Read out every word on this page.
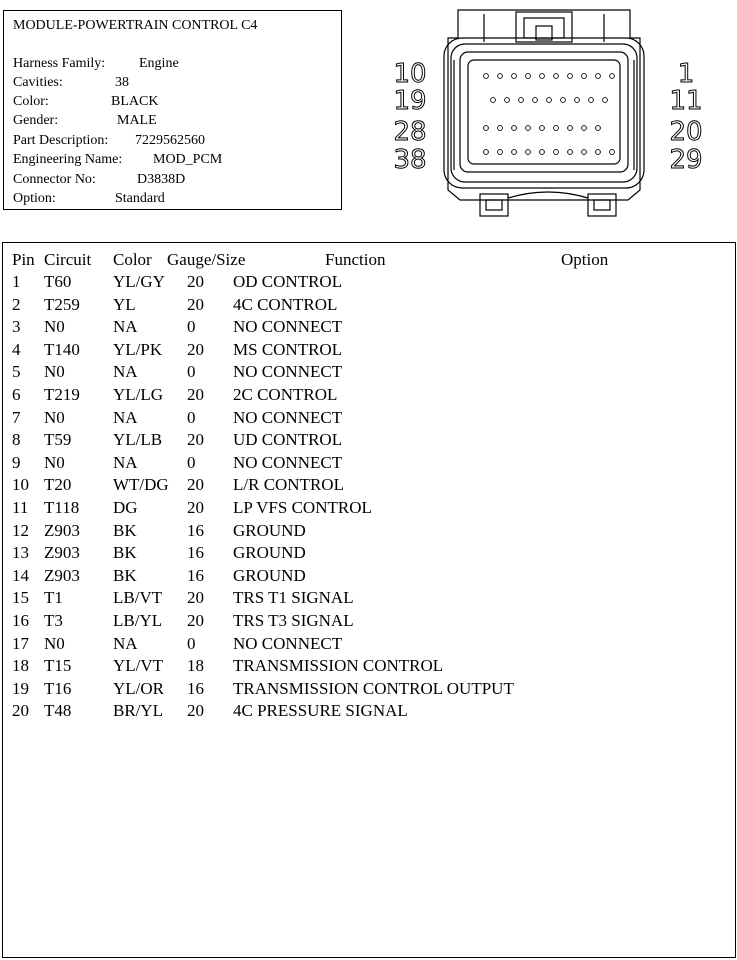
MODULE-POWERTRAIN CONTROL C4
Harness Family: Engine
Cavities:	38
Color:	BLACK
Gender:	MALE
Part Description: 7229562560
Engineering Name: MOD_PCM
Connector No:	D3838D
Option:	Standard
10
19
28
38
1
11
20
29
Pin Circuit Color Gauge/Size	Function	Option
1 T60 YL/GY 20 OD CONTROL
2 T259 YL	20 4C CONTROL
3 N0	NA	0 NO CONNECT
4 T140 YL/PK 20 MS CONTROL
5 N0	NA	0 NO CONNECT
6 T219 YL/LG 20 2C CONTROL
7 N0	NA	0 NO CONNECT
8 T59 YL/LB 20 UD CONTROL
9 N0	NA	0 NO CONNECT
10 T20 WT/DG 20 L/R CONTROL
11 T118 DG	20 LP VFS CONTROL
12 Z903 BK	16 GROUND
13 Z903 BK	16 GROUND
14 Z903 BK	16 GROUND
15 T1	LB/VT 20 TRS T1 SIGNAL
16 T3	LB/YL 20 TRS T3 SIGNAL
17 N0	NA	0 NO CONNECT
18 T15 YL/VT 18 TRANSMISSION CONTROL
19 T16 YL/OR 16 TRANSMISSION CONTROL OUTPUT
20 T48 BR/YL 20 4C PRESSURE SIGNAL
